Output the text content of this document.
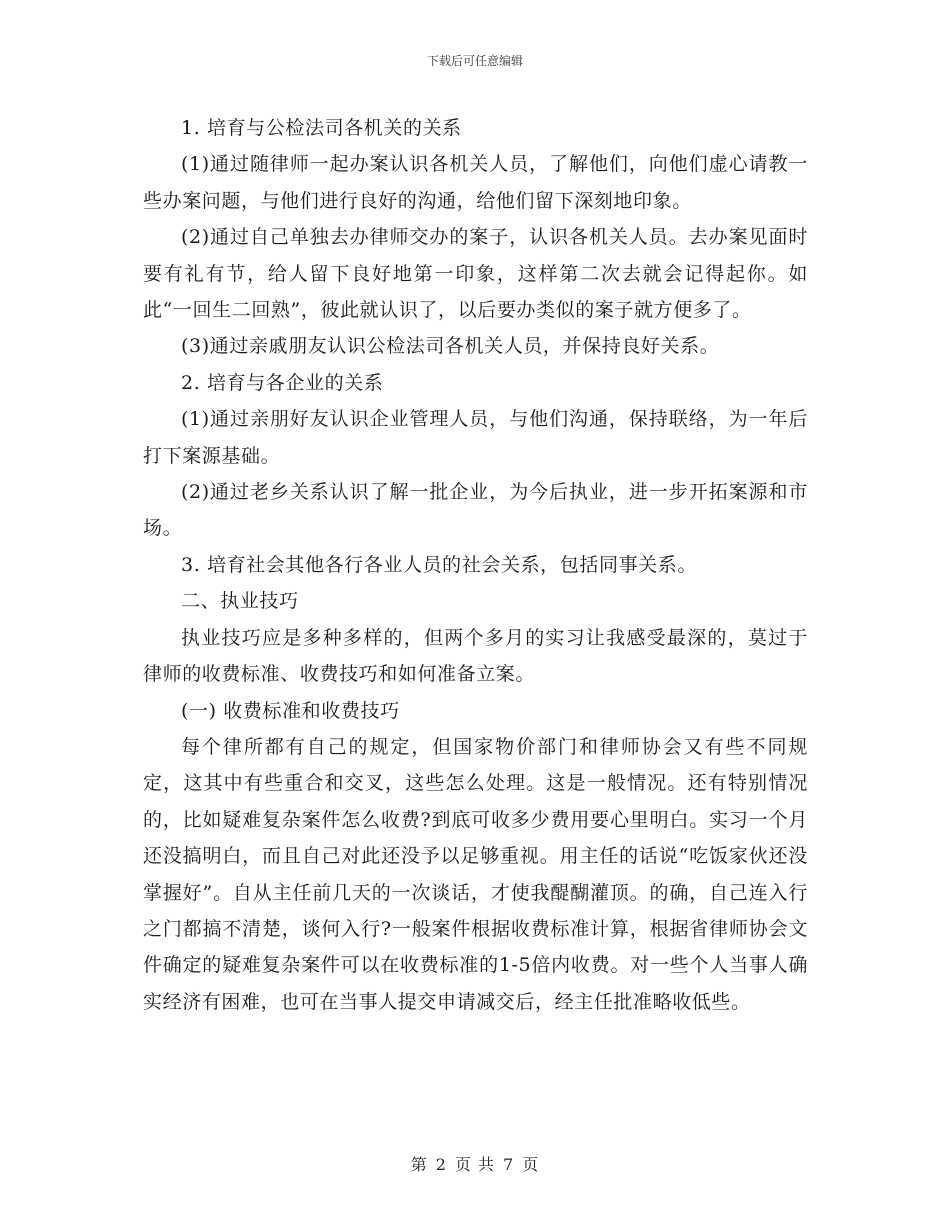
下载后可任意编辑

1. 培育与公检法司各机关的关系

(1)通过随律师一起办案认识各机关人员，了解他们，向他们虚心请教一些办案问题，与他们进行良好的沟通，给他们留下深刻地印象。

(2)通过自己单独去办律师交办的案子，认识各机关人员。去办案见面时要有礼有节，给人留下良好地第一印象，这样第二次去就会记得起你。如此“一回生二回熟”，彼此就认识了，以后要办类似的案子就方便多了。

(3)通过亲戚朋友认识公检法司各机关人员，并保持良好关系。

2. 培育与各企业的关系

(1)通过亲朋好友认识企业管理人员，与他们沟通，保持联络，为一年后打下案源基础。

(2)通过老乡关系认识了解一批企业，为今后执业，进一步开拓案源和市场。

3. 培育社会其他各行各业人员的社会关系，包括同事关系。

二、执业技巧

执业技巧应是多种多样的，但两个多月的实习让我感受最深的，莫过于律师的收费标准、收费技巧和如何准备立案。

(一) 收费标准和收费技巧

每个律所都有自己的规定，但国家物价部门和律师协会又有些不同规定，这其中有些重合和交叉，这些怎么处理。这是一般情况。还有特别情况的，比如疑难复杂案件怎么收费?到底可收多少费用要心里明白。实习一个月还没搞明白，而且自己对此还没予以足够重视。用主任的话说“吃饭家伙还没掌握好”。自从主任前几天的一次谈话，才使我醍醐灌顶。的确，自己连入行之门都搞不清楚，谈何入行?一般案件根据收费标准计算，根据省律师协会文件确定的疑难复杂案件可以在收费标准的1-5倍内收费。对一些个人当事人确实经济有困难，也可在当事人提交申请减交后，经主任批准略收低些。

第 2 页 共 7 页
